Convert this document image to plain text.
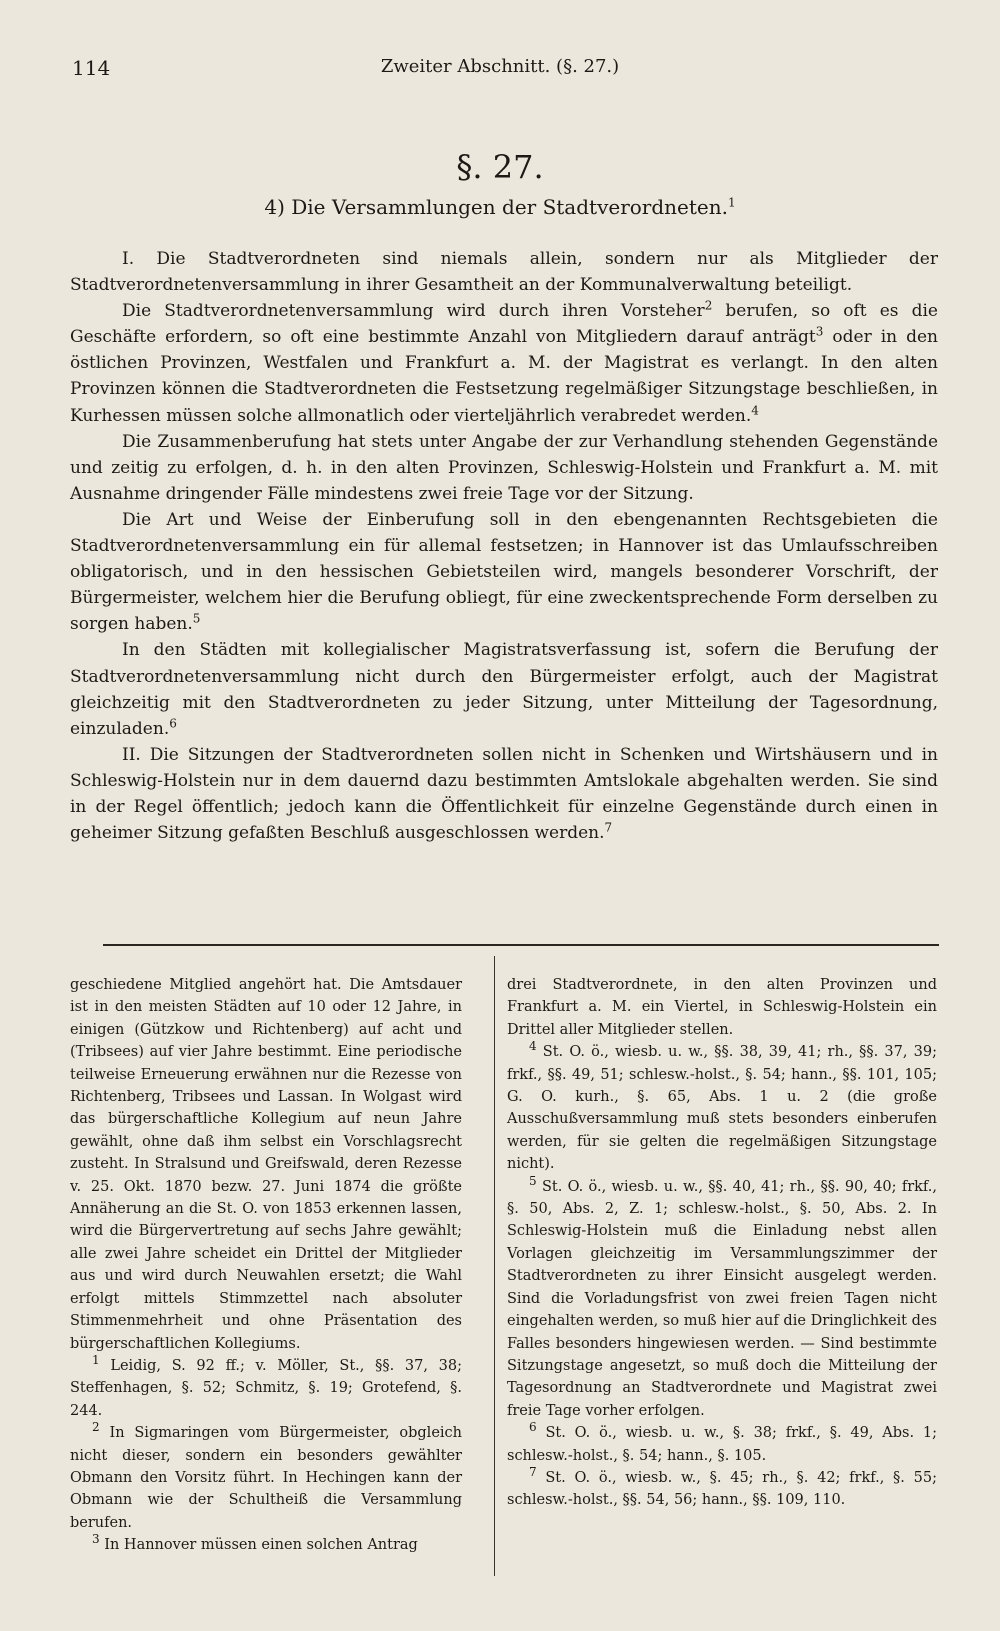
114	Zweiter Abschnitt. (§. 27.)
§. 27.
4) Die Versammlungen der Stadtverordneten.$^1$

I. Die Stadtverordneten sind niemals allein, sondern nur als Mitglieder der Stadtverordnetenversammlung in ihrer Gesamtheit an der Kommunalverwaltung beteiligt.

Die Stadtverordnetenversammlung wird durch ihren Vorsteher$^2$ berufen, so oft es die Geschäfte erfordern, so oft eine bestimmte Anzahl von Mitgliedern darauf anträgt$^3$ oder in den östlichen Provinzen, Westfalen und Frankfurt a. M. der Magistrat es verlangt. In den alten Provinzen können die Stadtverordneten die Festsetzung regelmäßiger Sitzungstage beschließen, in Kurhessen müssen solche allmonatlich oder vierteljährlich verabredet werden.$^4$

Die Zusammenberufung hat stets unter Angabe der zur Verhandlung stehenden Gegenstände und zeitig zu erfolgen, d. h. in den alten Provinzen, Schleswig-Holstein und Frankfurt a. M. mit Ausnahme dringender Fälle mindestens zwei freie Tage vor der Sitzung.

Die Art und Weise der Einberufung soll in den ebengenannten Rechtsgebieten die Stadtverordnetenversammlung ein für allemal festsetzen; in Hannover ist das Umlaufsschreiben obligatorisch, und in den hessischen Gebietsteilen wird, mangels besonderer Vorschrift, der Bürgermeister, welchem hier die Berufung obliegt, für eine zweckentsprechende Form derselben zu sorgen haben.$^5$

In den Städten mit kollegialischer Magistratsverfassung ist, sofern die Berufung der Stadtverordnetenversammlung nicht durch den Bürgermeister erfolgt, auch der Magistrat gleichzeitig mit den Stadtverordneten zu jeder Sitzung, unter Mitteilung der Tagesordnung, einzuladen.$^6$

II. Die Sitzungen der Stadtverordneten sollen nicht in Schenken und Wirtshäusern und in Schleswig-Holstein nur in dem dauernd dazu bestimmten Amtslokale abgehalten werden. Sie sind in der Regel öffentlich; jedoch kann die Öffentlichkeit für einzelne Gegenstände durch einen in geheimer Sitzung gefaßten Beschluß ausgeschlossen werden.$^7$

geschiedene Mitglied angehört hat. Die Amtsdauer ist in den meisten Städten auf 10 oder 12 Jahre, in einigen (Gützkow und Richtenberg) auf acht und (Tribsees) auf vier Jahre bestimmt. Eine periodische teilweise Erneuerung erwähnen nur die Rezesse von Richtenberg, Tribsees und Lassan. In Wolgast wird das bürgerschaftliche Kollegium auf neun Jahre gewählt, ohne daß ihm selbst ein Vorschlagsrecht zusteht. In Stralsund und Greifswald, deren Rezesse v. 25. Okt. 1870 bezw. 27. Juni 1874 die größte Annäherung an die St. O. von 1853 erkennen lassen, wird die Bürgervertretung auf sechs Jahre gewählt; alle zwei Jahre scheidet ein Drittel der Mitglieder aus und wird durch Neuwahlen ersetzt; die Wahl erfolgt mittels Stimmzettel nach absoluter Stimmenmehrheit und ohne Präsentation des bürgerschaftlichen Kollegiums.

$^1$ Leidig, S. 92 ff.; v. Möller, St., §§. 37, 38; Steffenhagen, §. 52; Schmitz, §. 19; Grotefend, §. 244.

$^2$ In Sigmaringen vom Bürgermeister, obgleich nicht dieser, sondern ein besonders gewählter Obmann den Vorsitz führt. In Hechingen kann der Obmann wie der Schultheiß die Versammlung berufen.

$^3$ In Hannover müssen einen solchen Antrag

drei Stadtverordnete, in den alten Provinzen und Frankfurt a. M. ein Viertel, in Schleswig-Holstein ein Drittel aller Mitglieder stellen.

$^4$ St. O. ö., wiesb. u. w., §§. 38, 39, 41; rh., §§. 37, 39; frkf., §§. 49, 51; schlesw.-holst., §. 54; hann., §§. 101, 105; G. O. kurh., §. 65, Abs. 1 u. 2 (die große Ausschußversammlung muß stets besonders einberufen werden, für sie gelten die regelmäßigen Sitzungstage nicht).

$^5$ St. O. ö., wiesb. u. w., §§. 40, 41; rh., §§. 90, 40; frkf., §. 50, Abs. 2, Z. 1; schlesw.-holst., §. 50, Abs. 2. In Schleswig-Holstein muß die Einladung nebst allen Vorlagen gleichzeitig im Versammlungszimmer der Stadtverordneten zu ihrer Einsicht ausgelegt werden. Sind die Vorladungsfrist von zwei freien Tagen nicht eingehalten werden, so muß hier auf die Dringlichkeit des Falles besonders hingewiesen werden. — Sind bestimmte Sitzungstage angesetzt, so muß doch die Mitteilung der Tagesordnung an Stadtverordnete und Magistrat zwei freie Tage vorher erfolgen.

$^6$ St. O. ö., wiesb. u. w., §. 38; frkf., §. 49, Abs. 1; schlesw.-holst., §. 54; hann., §. 105.

$^7$ St. O. ö., wiesb. w., §. 45; rh., §. 42; frkf., §. 55; schlesw.-holst., §§. 54, 56; hann., §§. 109, 110.
